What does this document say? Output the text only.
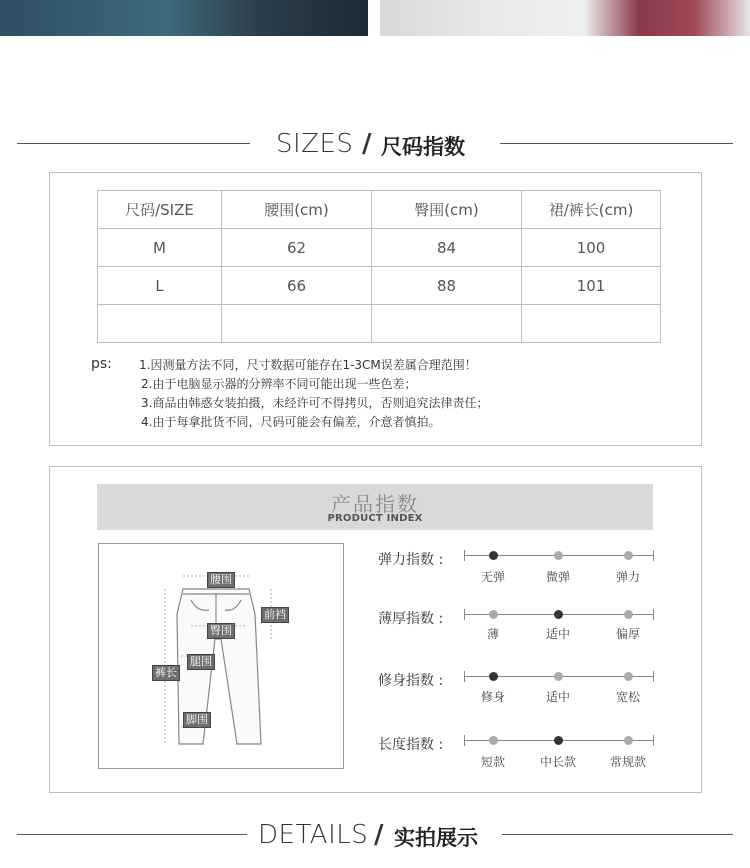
SIZES / 尺码指数
尺码/SIZE	腰围(cm)	臀围(cm)	裙/裤长(cm)
M	62	84	100
L	66	88	101

ps: 1.因测量方法不同，尺寸数据可能存在1-3CM误差属合理范围！
2.由于电脑显示器的分辨率不同可能出现一些色差；
3.商品由韩惑女装拍摄，未经许可不得拷贝，否则追究法律责任；
4.由于每拿批货不同，尺码可能会有偏差，介意者慎拍。
产品指数
PRODUCT INDEX
腰围
前裆
臀围
腿围
裤长
脚围
弹力指数 :
无弹	微弹	弹力
薄厚指数 :
薄	适中	偏厚
修身指数 :
修身	适中	宽松
长度指数 :
短款	中长款	常规款
DETAILS / 实拍展示
